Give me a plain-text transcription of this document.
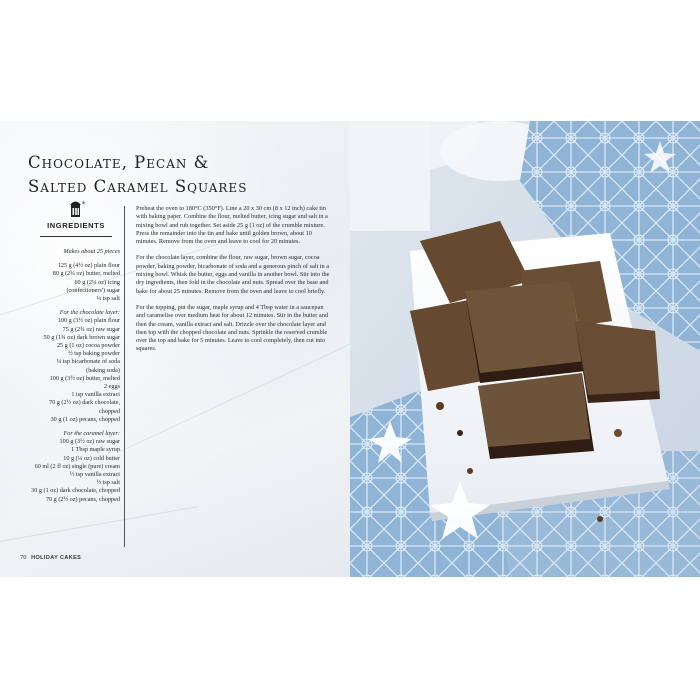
Chocolate, Pecan &
Salted Caramel Squares
*
INGREDIENTS

Makes about 25 pieces

125 g (4½ oz) plain flour

80 g (2¾ oz) butter, melted

60 g (2¼ oz) icing

(confectioners') sugar

¼ tsp salt

For the chocolate layer:

100 g (3½ oz) plain flour

75 g (2¾ oz) raw sugar

50 g (1¾ oz) dark brown sugar

25 g (1 oz) cocoa powder

½ tsp baking powder

¼ tsp bicarbonate of soda

(baking soda)

100 g (3½ oz) butter, melted

2 eggs

1 tsp vanilla extract

70 g (2½ oz) dark chocolate,

chopped

30 g (1 oz) pecans, chopped

For the caramel layer:

100 g (3½ oz) raw sugar

1 Tbsp maple syrup

10 g (¼ oz) cold butter

60 ml (2 fl oz) single (pure) cream

½ tsp vanilla extract

½ tsp salt

30 g (1 oz) dark chocolate, chopped

70 g (2½ oz) pecans, chopped

Preheat the oven to 180°C (350°F). Line a 20 x 30 cm (8 x 12 inch) cake tin with baking paper. Combine the flour, melted butter, icing sugar and salt in a mixing bowl and rub together. Set aside 25 g (1 oz) of the crumble mixture. Press the remainder into the tin and bake until golden brown, about 10 minutes. Remove from the oven and leave to cool for 20 minutes.

For the chocolate layer, combine the flour, raw sugar, brown sugar, cocoa powder, baking powder, bicarbonate of soda and a generous pinch of salt in a mixing bowl. Whisk the butter, eggs and vanilla in another bowl. Stir into the dry ingredients, then fold in the chocolate and nuts. Spread over the base and bake for about 25 minutes. Remove from the oven and leave to cool briefly.

For the topping, put the sugar, maple syrup and 4 Tbsp water in a saucepan and caramelise over medium heat for about 12 minutes. Stir in the butter and then the cream, vanilla extract and salt. Drizzle over the chocolate layer and then top with the chopped chocolate and nuts. Sprinkle the reserved crumble over the top and bake for 5 minutes. Leave to cool completely, then cut into squares.

70 HOLIDAY CAKES
